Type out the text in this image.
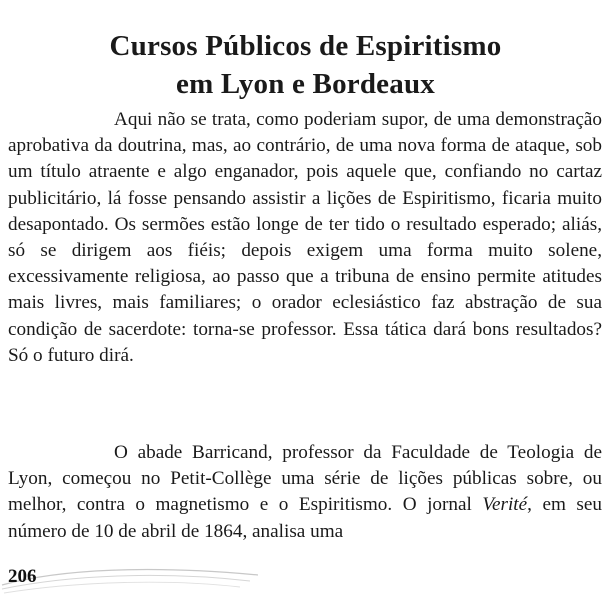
Cursos Públicos de Espiritismo
em Lyon e Bordeaux

Aqui não se trata, como poderiam supor, de uma demonstração aprobativa da doutrina, mas, ao contrário, de uma nova forma de ataque, sob um título atraente e algo enganador, pois aquele que, confiando no cartaz publicitário, lá fosse pensando assistir a lições de Espiritismo, ficaria muito desapontado. Os sermões estão longe de ter tido o resultado esperado; aliás, só se dirigem aos fiéis; depois exigem uma forma muito solene, excessivamente religiosa, ao passo que a tribuna de ensino permite atitudes mais livres, mais familiares; o orador eclesiástico faz abstração de sua condição de sacerdote: torna-se professor. Essa tática dará bons resultados? Só o futuro dirá.

O abade Barricand, professor da Faculdade de Teologia de Lyon, começou no Petit-Collège uma série de lições públicas sobre, ou melhor, contra o magnetismo e o Espiritismo. O jornal Verité, em seu número de 10 de abril de 1864, analisa uma

206
